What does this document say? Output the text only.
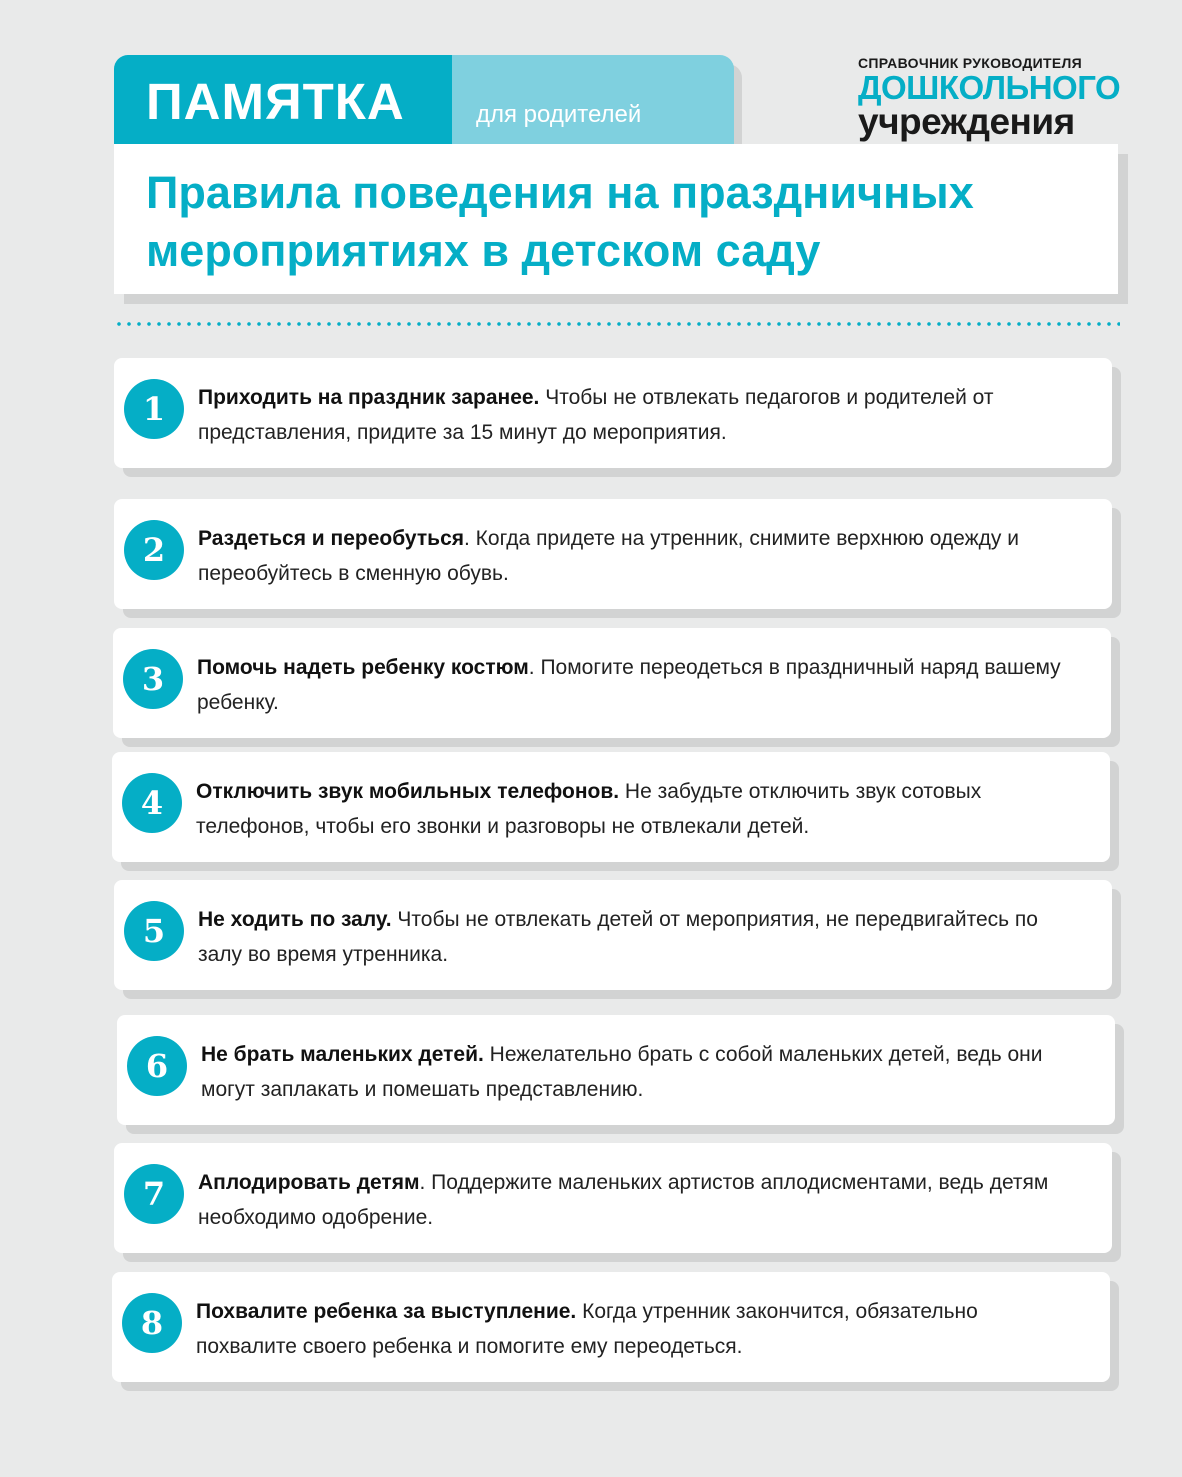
ПАМЯТКА	для родителей
СПРАВОЧНИК РУКОВОДИТЕЛЯ
ДОШКОЛЬНОГО
учреждения
Правила поведения на праздничных
мероприятиях в детском саду
1	Приходить на праздник заранее. Чтобы не отвлекать педагогов и родителей от представления, придите за 15 минут до мероприятия.
2	Раздеться и переобуться. Когда придете на утренник, снимите верхнюю одежду и переобуйтесь в сменную обувь.
3	Помочь надеть ребенку костюм. Помогите переодеться в праздничный наряд вашему ребенку.
4	Отключить звук мобильных телефонов. Не забудьте отключить звук сотовых телефонов, чтобы его звонки и разговоры не отвлекали детей.
5	Не ходить по залу. Чтобы не отвлекать детей от мероприятия, не передвигайтесь по залу во время утренника.
6	Не брать маленьких детей. Нежелательно брать с собой маленьких детей, ведь они могут заплакать и помешать представлению.
7	Аплодировать детям. Поддержите маленьких артистов аплодисментами, ведь детям необходимо одобрение.
8	Похвалите ребенка за выступление. Когда утренник закончится, обязательно похвалите своего ребенка и помогите ему переодеться.
